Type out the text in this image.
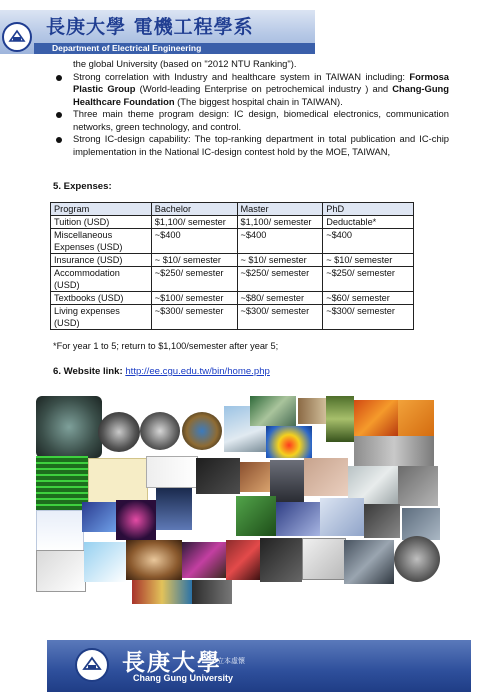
長庚大學 電機工程學系
Department of Electrical Engineering
the global University (based on "2012 NTU Ranking").
Strong correlation with Industry and healthcare system in TAIWAN including: Formosa Plastic Group (World-leading Enterprise on petrochemical industry ) and Chang-Gung Healthcare Foundation (The biggest hospital chain in TAIWAN).
Three main theme program design: IC design, biomedical electronics, communication networks, green technology, and control.
Strong IC-design capability: The top-ranking department in total publication and IC-chip implementation in the National IC-design contest hold by the MOE, TAIWAN,
5. Expenses:
Program	Bachelor	Master	PhD
Tuition (USD)	$1,100/ semester	$1,100/ semester	Deductable*
Miscellaneous Expenses (USD)	~$400	~$400	~$400
Insurance (USD)	~ $10/ semester	~ $10/ semester	~ $10/ semester
Accommodation (USD)	~$250/ semester	~$250/ semester	~$250/ semester
Textbooks (USD)	~$100/ semester	~$80/ semester	~$60/ semester
Living expenses (USD)	~$300/ semester	~$300/ semester	~$300/ semester
*For year 1 to 5; return to $1,100/semester after year 5;
6. Website link: http://ee.cgu.edu.tw/bin/home.php
長庚大學
立本虛懷
Chang Gung University
